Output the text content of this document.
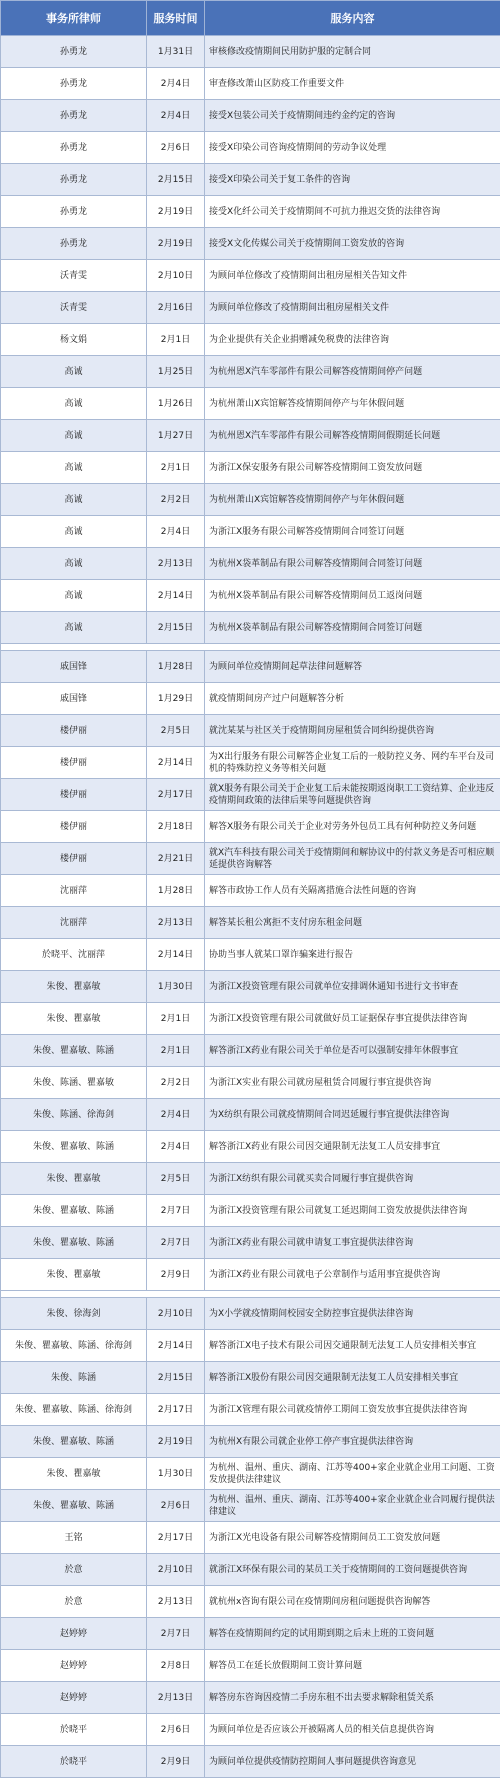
事务所律师	服务时间	服务内容
孙勇龙	1月31日	审核修改疫情期间民用防护服的定制合同
孙勇龙	2月4日	审查修改萧山区防疫工作重要文件
孙勇龙	2月4日	接受X包装公司关于疫情期间违约金约定的咨询
孙勇龙	2月6日	接受X印染公司咨询疫情期间的劳动争议处理
孙勇龙	2月15日	接受X印染公司关于复工条件的咨询
孙勇龙	2月19日	接受X化纤公司关于疫情期间不可抗力推迟交货的法律咨询
孙勇龙	2月19日	接受X文化传媒公司关于疫情期间工资发放的咨询
沃青雯	2月10日	为顾问单位修改了疫情期间出租房屋相关告知文件
沃青雯	2月16日	为顾问单位修改了疫情期间出租房屋相关文件
杨文娟	2月1日	为企业提供有关企业捐赠减免税费的法律咨询
高诚	1月25日	为杭州恩X汽车零部件有限公司解答疫情期间停产问题
高诚	1月26日	为杭州萧山X宾馆解答疫情期间停产与年休假问题
高诚	1月27日	为杭州恩X汽车零部件有限公司解答疫情期间假期延长问题
高诚	2月1日	为浙江X保安服务有限公司解答疫情期间工资发放问题
高诚	2月2日	为杭州萧山X宾馆解答疫情期间停产与年休假问题
高诚	2月4日	为浙江X服务有限公司解答疫情期间合同签订问题
高诚	2月13日	为杭州X袋革制品有限公司解答疫情期间合同签订问题
高诚	2月14日	为杭州X袋革制品有限公司解答疫情期间员工返岗问题
高诚	2月15日	为杭州X袋革制品有限公司解答疫情期间合同签订问题

戚国锋	1月28日	为顾问单位疫情期间起草法律问题解答
戚国锋	1月29日	就疫情期间房产过户问题解答分析
楼伊丽	2月5日	就沈某某与社区关于疫情期间房屋租赁合同纠纷提供咨询
楼伊丽	2月14日	为X出行服务有限公司解答企业复工后的一般防控义务、网约车平台及司机的特殊防控义务等相关问题
楼伊丽	2月17日	就X服务有限公司关于企业复工后未能按期返岗职工工资结算、企业违反疫情期间政策的法律后果等问题提供咨询
楼伊丽	2月18日	解答X服务有限公司关于企业对劳务外包员工具有何种防控义务问题
楼伊丽	2月21日	就X汽车科技有限公司关于疫情期间和解协议中的付款义务是否可相应顺延提供咨询解答
沈丽萍	1月28日	解答市政协工作人员有关隔离措施合法性问题的咨询
沈丽萍	2月13日	解答某长租公寓拒不支付房东租金问题
於晓平、沈丽萍	2月14日	协助当事人就某口罩诈骗案进行报告
朱俊、瞿嘉敏	1月30日	为浙江X投资管理有限公司就单位安排调休通知书进行文书审查
朱俊、瞿嘉敏	2月1日	为浙江X投资管理有限公司就做好员工证据保存事宜提供法律咨询
朱俊、瞿嘉敏、陈涵	2月1日	解答浙江X药业有限公司关于单位是否可以强制安排年休假事宜
朱俊、陈涵、瞿嘉敏	2月2日	为浙江X实业有限公司就房屋租赁合同履行事宜提供咨询
朱俊、陈涵、徐海剑	2月4日	为X纺织有限公司就疫情期间合同迟延履行事宜提供法律咨询
朱俊、瞿嘉敏、陈涵	2月4日	解答浙江X药业有限公司因交通限制无法复工人员安排事宜
朱俊、瞿嘉敏	2月5日	为浙江X纺织有限公司就买卖合同履行事宜提供咨询
朱俊、瞿嘉敏、陈涵	2月7日	为浙江X投资管理有限公司就复工延迟期间工资发放提供法律咨询
朱俊、瞿嘉敏、陈涵	2月7日	为浙江X药业有限公司就申请复工事宜提供法律咨询
朱俊、瞿嘉敏	2月9日	为浙江X药业有限公司就电子公章制作与适用事宜提供咨询

朱俊、徐海剑	2月10日	为X小学就疫情期间校园安全防控事宜提供法律咨询
朱俊、瞿嘉敏、陈涵、徐海剑	2月14日	解答浙江X电子技术有限公司因交通限制无法复工人员安排相关事宜
朱俊、陈涵	2月15日	解答浙江X股份有限公司因交通限制无法复工人员安排相关事宜
朱俊、瞿嘉敏、陈涵、徐海剑	2月17日	为浙江X管理有限公司就疫情停工期间工资发放事宜提供法律咨询
朱俊、瞿嘉敏、陈涵	2月19日	为杭州X有限公司就企业停工停产事宜提供法律咨询
朱俊、瞿嘉敏	1月30日	为杭州、温州、重庆、湖南、江苏等400+家企业就企业用工问题、工资发放提供法律建议
朱俊、瞿嘉敏、陈涵	2月6日	为杭州、温州、重庆、湖南、江苏等400+家企业就企业合同履行提供法律建议
王铭	2月17日	为浙江X光电设备有限公司解答疫情期间员工工资发放问题
於意	2月10日	就浙江X环保有限公司的某员工关于疫情期间的工资问题提供咨询
於意	2月13日	就杭州x咨询有限公司在疫情期间房租问题提供咨询解答
赵婷婷	2月7日	解答在疫情期间约定的试用期到期之后未上班的工资问题
赵婷婷	2月8日	解答员工在延长放假期间工资计算问题
赵婷婷	2月13日	解答房东咨询因疫情二手房东租不出去要求解除租赁关系
於晓平	2月6日	为顾问单位是否应该公开被隔离人员的相关信息提供咨询
於晓平	2月9日	为顾问单位提供疫情防控期间人事问题提供咨询意见
